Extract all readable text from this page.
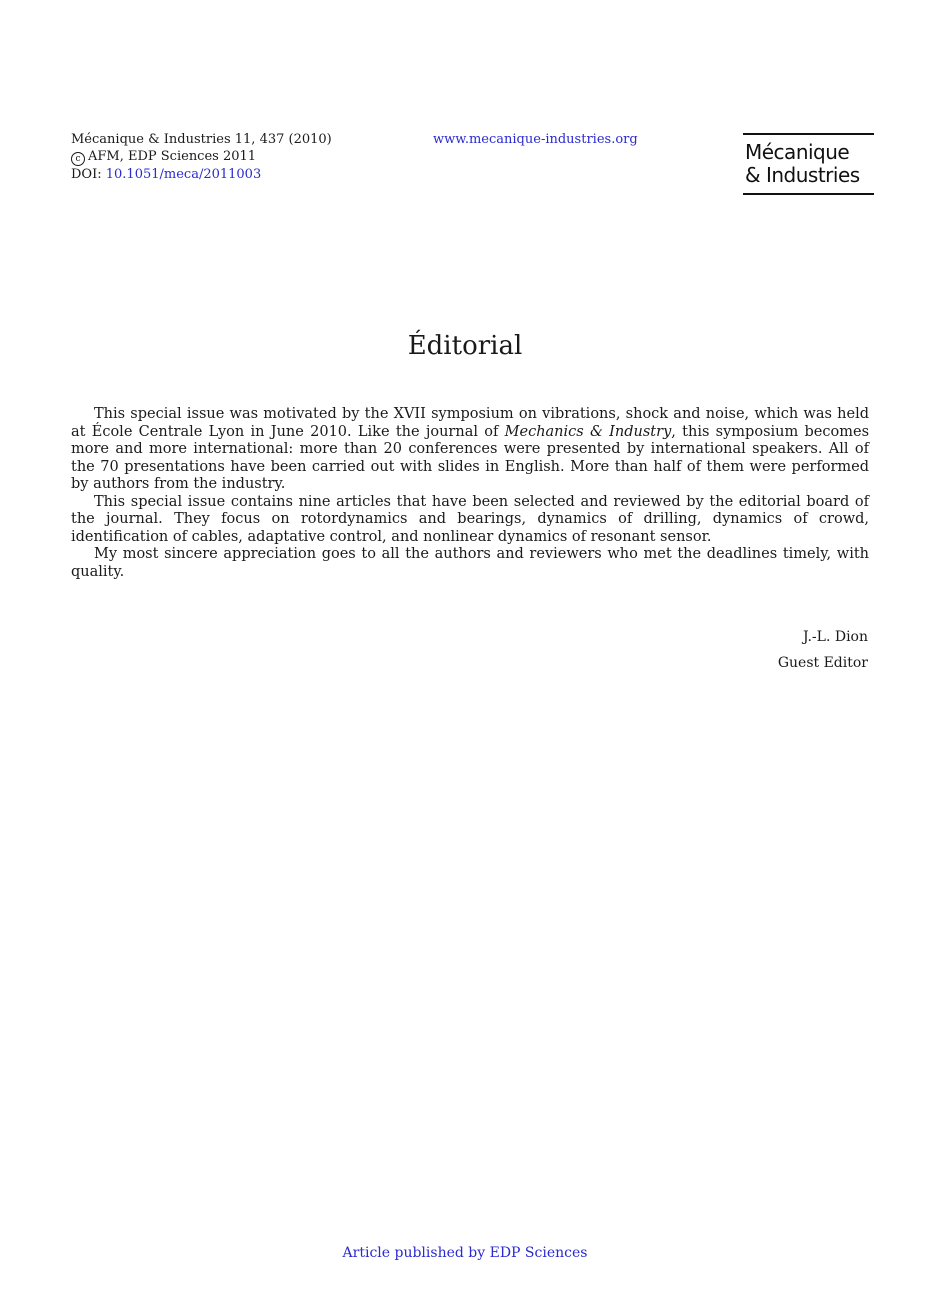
Mécanique & Industries 11, 437 (2010)
c AFM, EDP Sciences 2011
DOI: 10.1051/meca/2011003
www.mecanique-industries.org
Mécanique
& Industries
Éditorial

This special issue was motivated by the XVII symposium on vibrations, shock and noise, which was held at École Centrale Lyon in June 2010. Like the journal of Mechanics & Industry, this symposium becomes more and more international: more than 20 conferences were presented by international speakers. All of the 70 presentations have been carried out with slides in English. More than half of them were performed by authors from the industry.

This special issue contains nine articles that have been selected and reviewed by the editorial board of the journal. They focus on rotordynamics and bearings, dynamics of drilling, dynamics of crowd, identification of cables, adaptative control, and nonlinear dynamics of resonant sensor.

My most sincere appreciation goes to all the authors and reviewers who met the deadlines timely, with quality.

J.-L. Dion
Guest Editor
Article published by EDP Sciences
